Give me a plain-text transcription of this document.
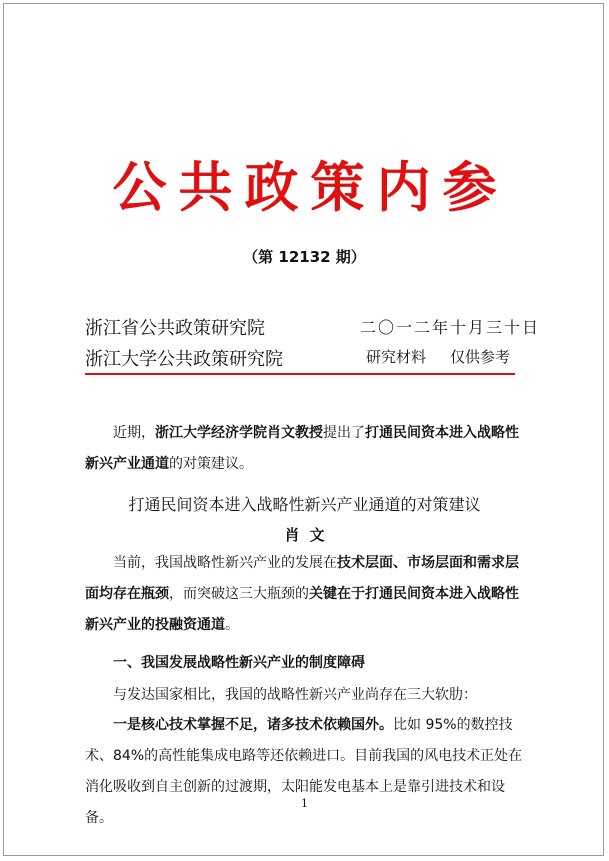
公共政策内参
（第 12132 期）
浙江省公共政策研究院
浙江大学公共政策研究院
二〇一二年十月三十日
研究材料 仅供参考
近期，浙江大学经济学院肖文教授提出了打通民间资本进入战略性新兴产业通道的对策建议。
打通民间资本进入战略性新兴产业通道的对策建议
肖文
当前，我国战略性新兴产业的发展在技术层面、市场层面和需求层面均存在瓶颈，而突破这三大瓶颈的关键在于打通民间资本进入战略性新兴产业的投融资通道。
一、我国发展战略性新兴产业的制度障碍
与发达国家相比，我国的战略性新兴产业尚存在三大软肋：
一是核心技术掌握不足，诸多技术依赖国外。比如 95%的数控技术、84%的高性能集成电路等还依赖进口。目前我国的风电技术正处在消化吸收到自主创新的过渡期，太阳能发电基本上是靠引进技术和设备。
1
